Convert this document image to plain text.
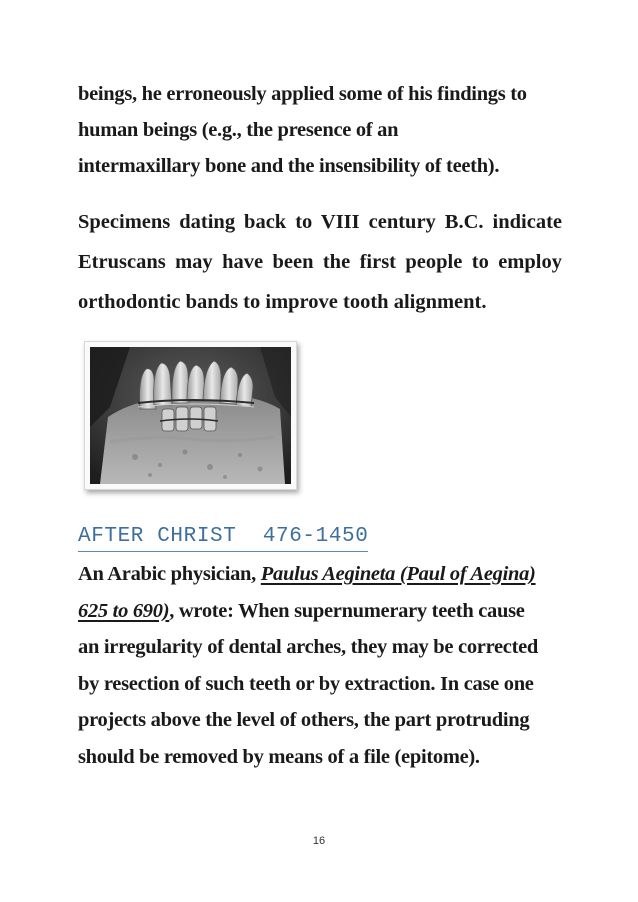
beings, he erroneously applied some of his findings to
human beings (e.g., the presence of an
intermaxillary bone and the insensibility of teeth).
Specimens dating back to VIII century B.C. indicate
Etruscans may have been the first people to employ
orthodontic bands to improve tooth alignment.
AFTER CHRIST  476-1450
An Arabic physician, Paulus Aegineta (Paul of Aegina)
625 to 690), wrote: When supernumerary teeth cause
an irregularity of dental arches, they may be corrected
by resection of such teeth or by extraction. In case one
projects above the level of others, the part protruding
should be removed by means of a file (epitome).
16
